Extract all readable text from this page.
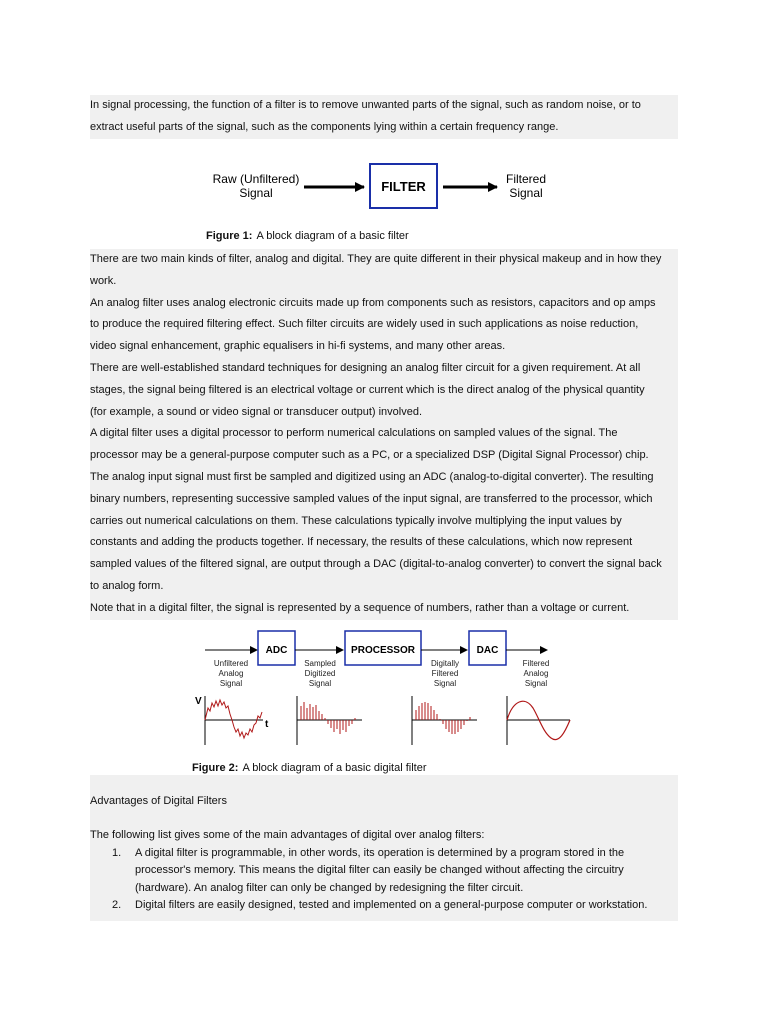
In signal processing, the function of a filter is to remove unwanted parts of the signal, such as random noise, or to
extract useful parts of the signal, such as the components lying within a certain frequency range.
Raw (Unfiltered)
Signal	FILTER	Filtered
Signal
Figure 1: A block diagram of a basic filter

There are two main kinds of filter, analog and digital. They are quite different in their physical makeup and in how they
work.

An analog filter uses analog electronic circuits made up from components such as resistors, capacitors and op amps
to produce the required filtering effect. Such filter circuits are widely used in such applications as noise reduction,
video signal enhancement, graphic equalisers in hi-fi systems, and many other areas.

There are well-established standard techniques for designing an analog filter circuit for a given requirement. At all
stages, the signal being filtered is an electrical voltage or current which is the direct analog of the physical quantity
(for example, a sound or video signal or transducer output) involved.

A digital filter uses a digital processor to perform numerical calculations on sampled values of the signal. The
processor may be a general-purpose computer such as a PC, or a specialized DSP (Digital Signal Processor) chip.
The analog input signal must first be sampled and digitized using an ADC (analog-to-digital converter). The resulting
binary numbers, representing successive sampled values of the input signal, are transferred to the processor, which
carries out numerical calculations on them. These calculations typically involve multiplying the input values by
constants and adding the products together. If necessary, the results of these calculations, which now represent
sampled values of the filtered signal, are output through a DAC (digital-to-analog converter) to convert the signal back
to analog form.

Note that in a digital filter, the signal is represented by a sequence of numbers, rather than a voltage or current.

ADC	PROCESSOR	DAC
Unfiltered
Analog
Signal
Sampled
Digitized
Signal
Digitally
Filtered
Signal
Filtered
Analog
Signal
V
t
Figure 2: A block diagram of a basic digital filter
Advantages of Digital Filters
The following list gives some of the main advantages of digital over analog filters:
1. A digital filter is programmable, in other words, its operation is determined by a program stored in the
processor's memory. This means the digital filter can easily be changed without affecting the circuitry
(hardware). An analog filter can only be changed by redesigning the filter circuit.
2. Digital filters are easily designed, tested and implemented on a general-purpose computer or workstation.
